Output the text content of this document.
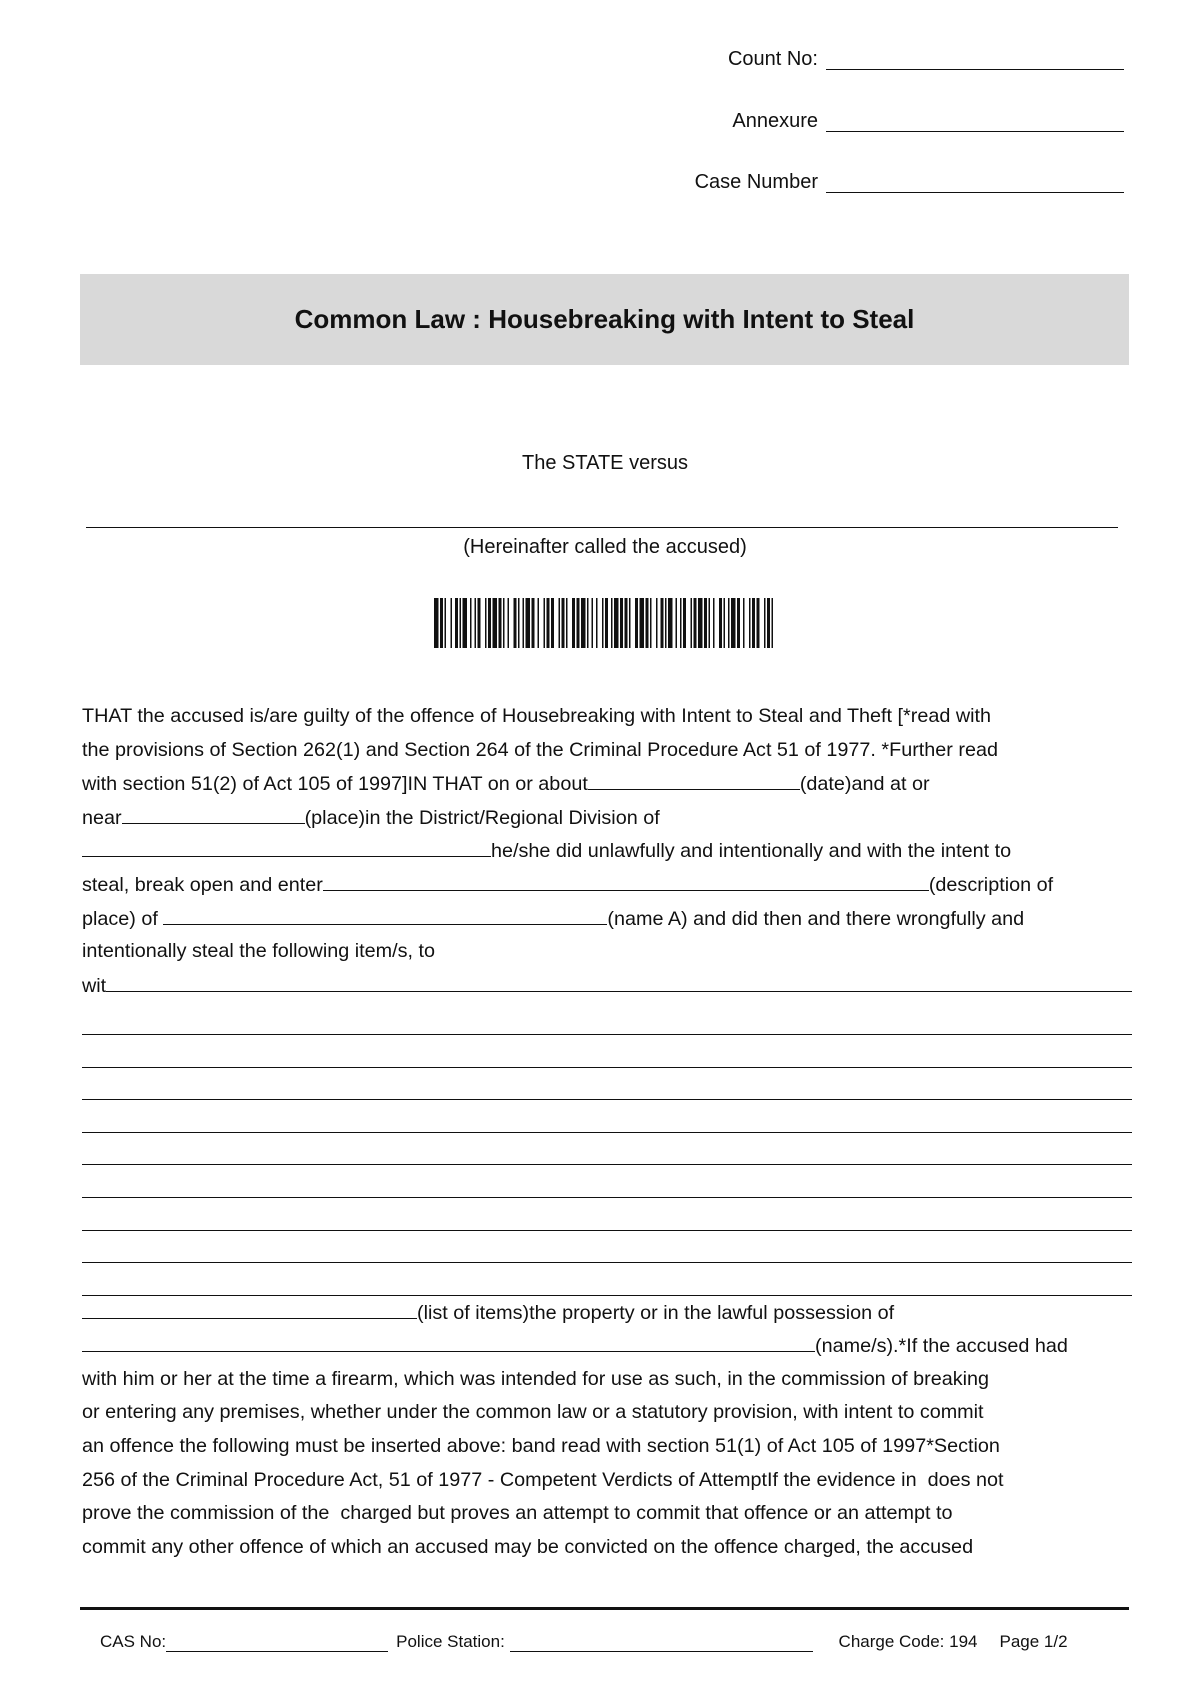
Count No:
Annexure
Case Number
Common Law : Housebreaking with Intent to Steal
The STATE versus
(Hereinafter called the accused)
THAT the accused is/are guilty of the offence of Housebreaking with Intent to Steal and Theft [*read with
the provisions of Section 262(1) and Section 264 of the Criminal Procedure Act 51 of 1977. *Further read
with section 51(2) of Act 105 of 1997]IN THAT on or about	(date)and at or
near	(place)in the District/Regional Division of
he/she did unlawfully and intentionally and with the intent to
steal, break open and enter	(description of
place) of	(name A) and did then and there wrongfully and
intentionally steal the following item/s, to
wit
(list of items)the property or in the lawful possession of
(name/s).*If the accused had
with him or her at the time a firearm, which was intended for use as such, in the commission of breaking
or entering any premises, whether under the common law or a statutory provision, with intent to commit
an offence the following must be inserted above: band read with section 51(1) of Act 105 of 1997*Section
256 of the Criminal Procedure Act, 51 of 1977 - Competent Verdicts of AttemptIf the evidence in  does not
prove the commission of the  charged but proves an attempt to commit that offence or an attempt to
commit any other offence of which an accused may be convicted on the offence charged, the accused
CAS No:	Police Station:	Charge Code: 194 Page 1/2
